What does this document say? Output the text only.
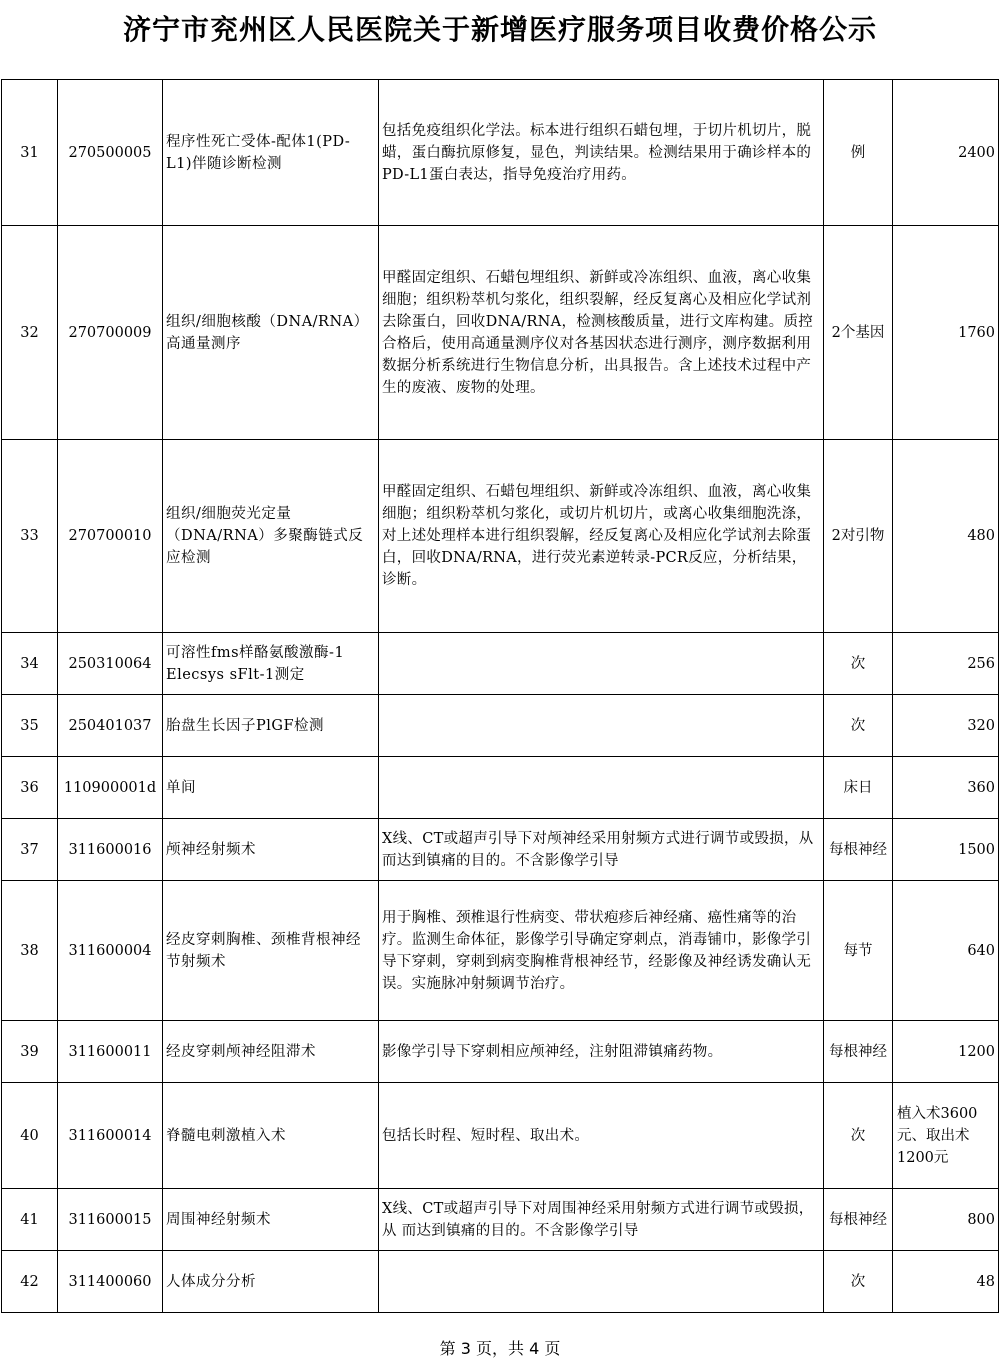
济宁市兖州区人民医院关于新增医疗服务项目收费价格公示
31	270500005	程序性死亡受体-配体1(PD-L1)伴随诊断检测	包括免疫组织化学法。标本进行组织石蜡包埋，于切片机切片，脱蜡，蛋白酶抗原修复，显色，判读结果。检测结果用于确诊样本的PD-L1蛋白表达，指导免疫治疗用药。	例	2400
32	270700009	组织/细胞核酸（DNA/RNA）高通量测序	甲醛固定组织、石蜡包埋组织、新鲜或冷冻组织、血液，离心收集细胞；组织粉萃机匀浆化，组织裂解，经反复离心及相应化学试剂去除蛋白，回收DNA/RNA，检测核酸质量，进行文库构建。质控合格后，使用高通量测序仪对各基因状态进行测序，测序数据利用数据分析系统进行生物信息分析，出具报告。含上述技术过程中产生的废液、废物的处理。	2个基因	1760
33	270700010	组织/细胞荧光定量（DNA/RNA）多聚酶链式反应检测	甲醛固定组织、石蜡包埋组织、新鲜或冷冻组织、血液，离心收集细胞；组织粉萃机匀浆化，或切片机切片，或离心收集细胞洗涤，对上述处理样本进行组织裂解，经反复离心及相应化学试剂去除蛋白，回收DNA/RNA，进行荧光素逆转录-PCR反应，分析结果，诊断。	2对引物	480
34	250310064	可溶性fms样酪氨酸激酶-1 Elecsys sFlt-1测定		次	256
35	250401037	胎盘生长因子PlGF检测		次	320
36	110900001d	单间		床日	360
37	311600016	颅神经射频术	X线、CT或超声引导下对颅神经采用射频方式进行调节或毁损，从而达到镇痛的目的。不含影像学引导	每根神经	1500
38	311600004	经皮穿刺胸椎、颈椎背根神经节射频术	用于胸椎、颈椎退行性病变、带状疱疹后神经痛、癌性痛等的治疗。监测生命体征，影像学引导确定穿刺点，消毒铺巾，影像学引导下穿刺，穿刺到病变胸椎背根神经节，经影像及神经诱发确认无误。实施脉冲射频调节治疗。	每节	640
39	311600011	经皮穿刺颅神经阻滞术	影像学引导下穿刺相应颅神经，注射阻滞镇痛药物。	每根神经	1200
40	311600014	脊髓电刺激植入术	包括长时程、短时程、取出术。	次	植入术3600元、取出术1200元
41	311600015	周围神经射频术	X线、CT或超声引导下对周围神经采用射频方式进行调节或毁损， 从 而达到镇痛的目的。不含影像学引导	每根神经	800
42	311400060	人体成分分析		次	48
第 3 页，共 4 页
